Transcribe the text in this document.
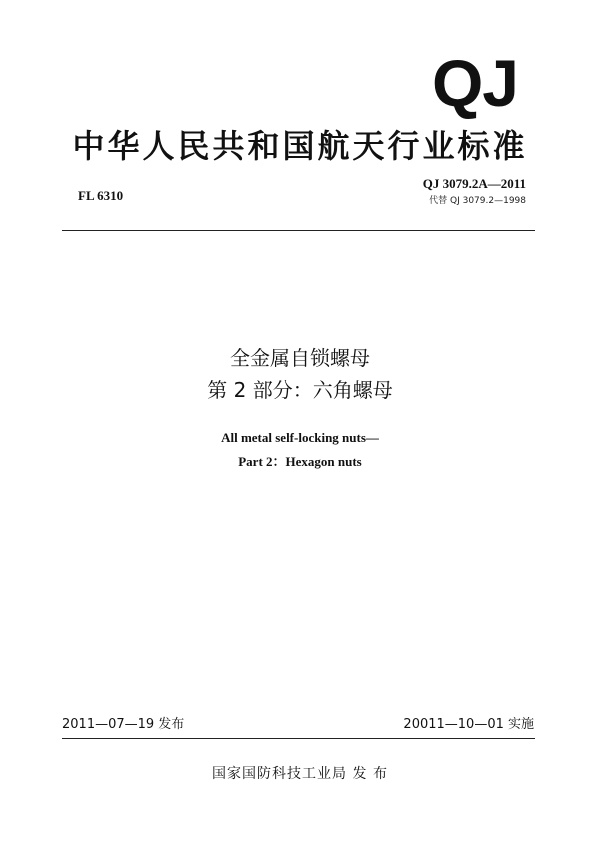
QJ
中华人民共和国航天行业标准
FL 6310
QJ 3079.2A—2011
代替 QJ 3079.2—1998
全金属自锁螺母
第 2 部分：六角螺母
All metal self-locking nuts—
Part 2：Hexagon nuts
2011—07—19 发布	20011—10—01 实施
国家国防科技工业局 发 布
